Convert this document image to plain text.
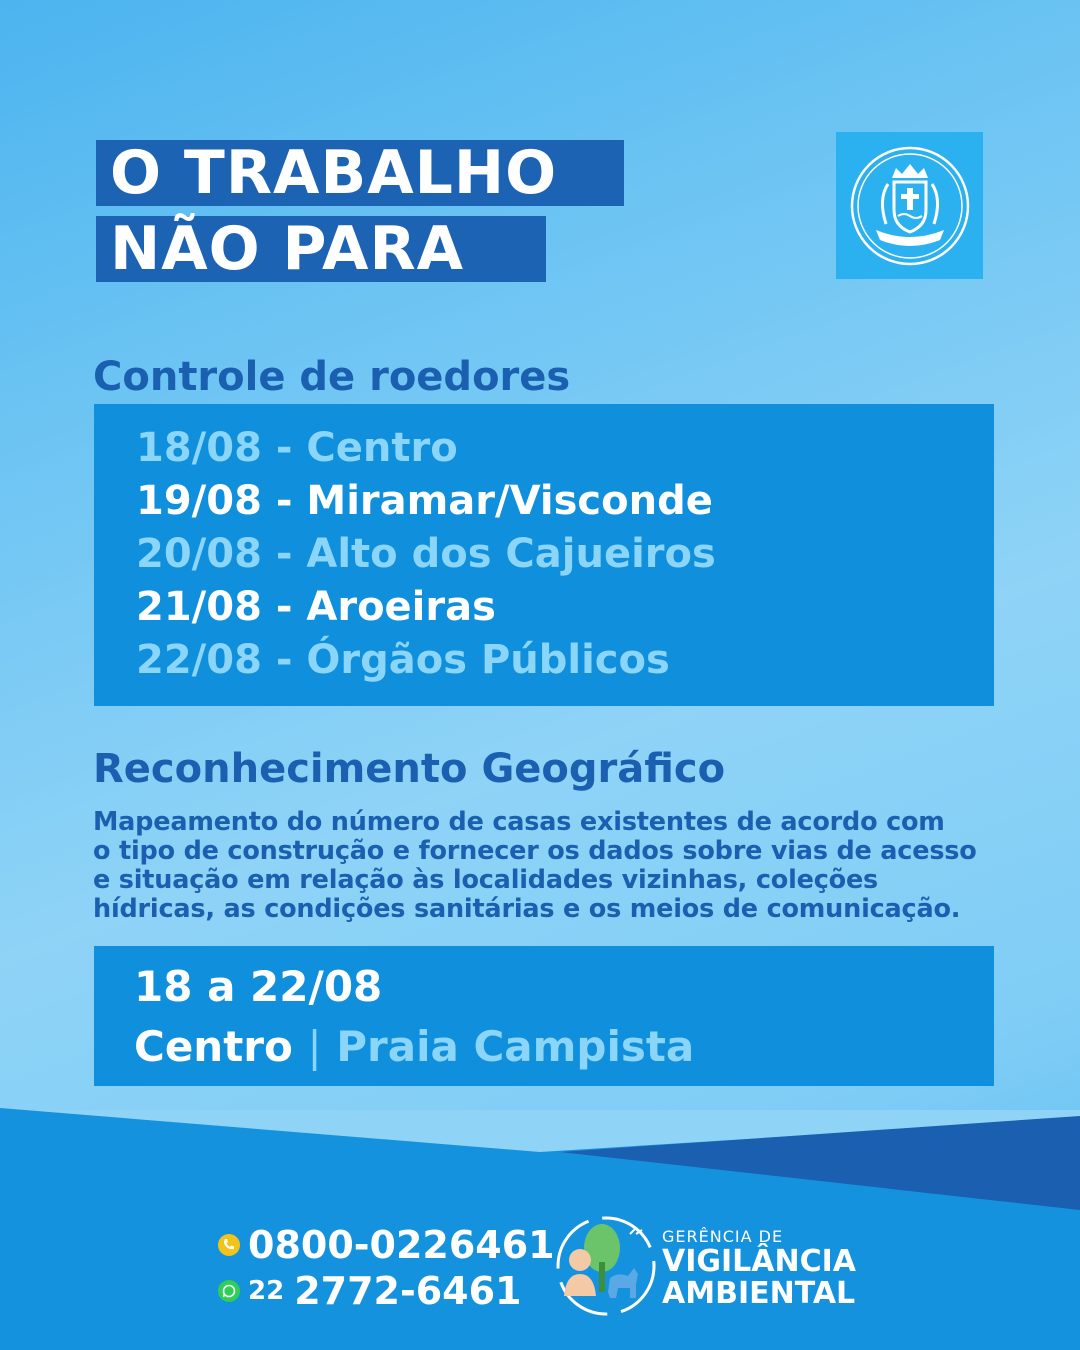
O TRABALHO
NÃO PARA
Controle de roedores
18/08 - Centro
19/08 - Miramar/Visconde
20/08 - Alto dos Cajueiros
21/08 - Aroeiras
22/08 - Órgãos Públicos
Reconhecimento Geográfico
Mapeamento do número de casas existentes de acordo com
o tipo de construção e fornecer os dados sobre vias de acesso
e situação em relação às localidades vizinhas, coleções
hídricas, as condições sanitárias e os meios de comunicação.
18 a 22/08
Centro | Praia Campista
0800-0226461
22 2772-6461
GERÊNCIA DE
VIGILÂNCIA
AMBIENTAL
